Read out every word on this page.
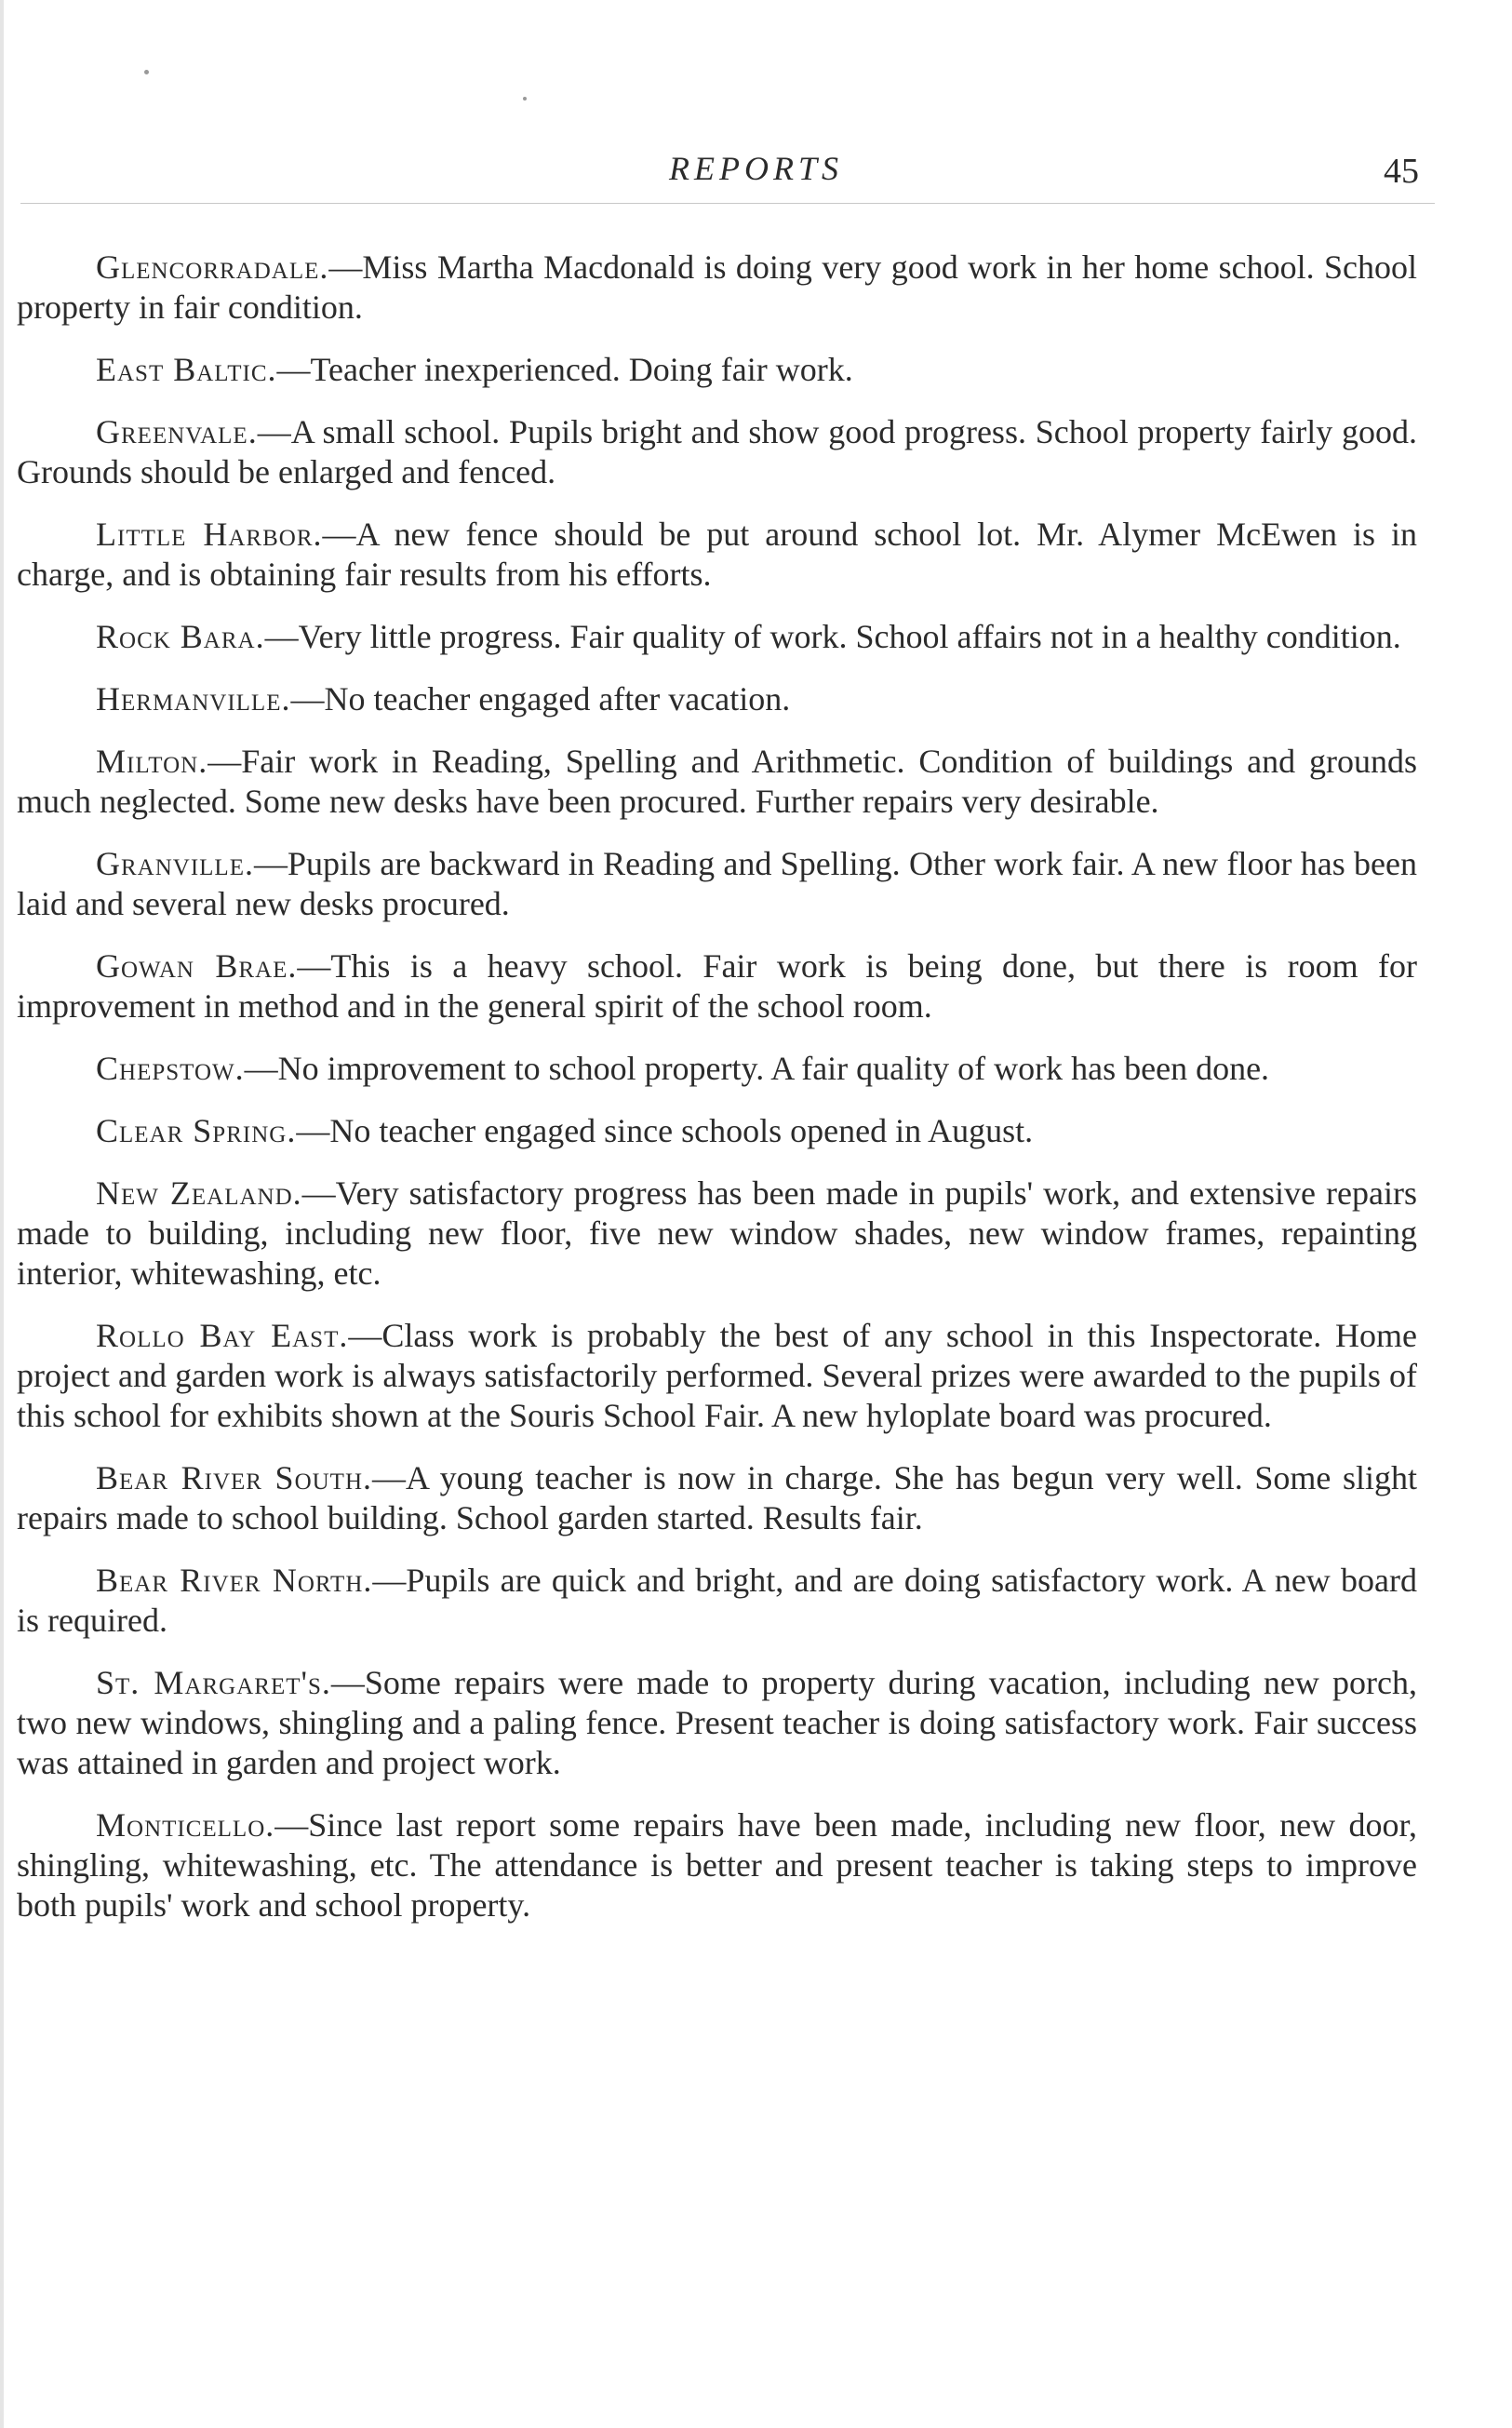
REPORTS	45

Glencorradale.—Miss Martha Macdonald is doing very good work in her home school. School property in fair condition.

East Baltic.—Teacher inexperienced. Doing fair work.

Greenvale.—A small school. Pupils bright and show good progress. School property fairly good. Grounds should be enlarged and fenced.

Little Harbor.—A new fence should be put around school lot. Mr. Alymer McEwen is in charge, and is obtaining fair results from his efforts.

Rock Bara.—Very little progress. Fair quality of work. School affairs not in a healthy condition.

Hermanville.—No teacher engaged after vacation.

Milton.—Fair work in Reading, Spelling and Arithmetic. Condition of buildings and grounds much neglected. Some new desks have been procured. Further repairs very desirable.

Granville.—Pupils are backward in Reading and Spelling. Other work fair. A new floor has been laid and several new desks procured.

Gowan Brae.—This is a heavy school. Fair work is being done, but there is room for improvement in method and in the general spirit of the school room.

Chepstow.—No improvement to school property. A fair quality of work has been done.

Clear Spring.—No teacher engaged since schools opened in August.

New Zealand.—Very satisfactory progress has been made in pupils' work, and extensive repairs made to building, including new floor, five new window shades, new window frames, repainting interior, whitewashing, etc.

Rollo Bay East.—Class work is probably the best of any school in this Inspectorate. Home project and garden work is always satisfactorily performed. Several prizes were awarded to the pupils of this school for exhibits shown at the Souris School Fair. A new hyloplate board was procured.

Bear River South.—A young teacher is now in charge. She has begun very well. Some slight repairs made to school building. School garden started. Results fair.

Bear River North.—Pupils are quick and bright, and are doing satisfactory work. A new board is required.

St. Margaret's.—Some repairs were made to property during vacation, including new porch, two new windows, shingling and a paling fence. Present teacher is doing satisfactory work. Fair success was attained in garden and project work.

Monticello.—Since last report some repairs have been made, including new floor, new door, shingling, whitewashing, etc. The attendance is better and present teacher is taking steps to improve both pupils' work and school property.
